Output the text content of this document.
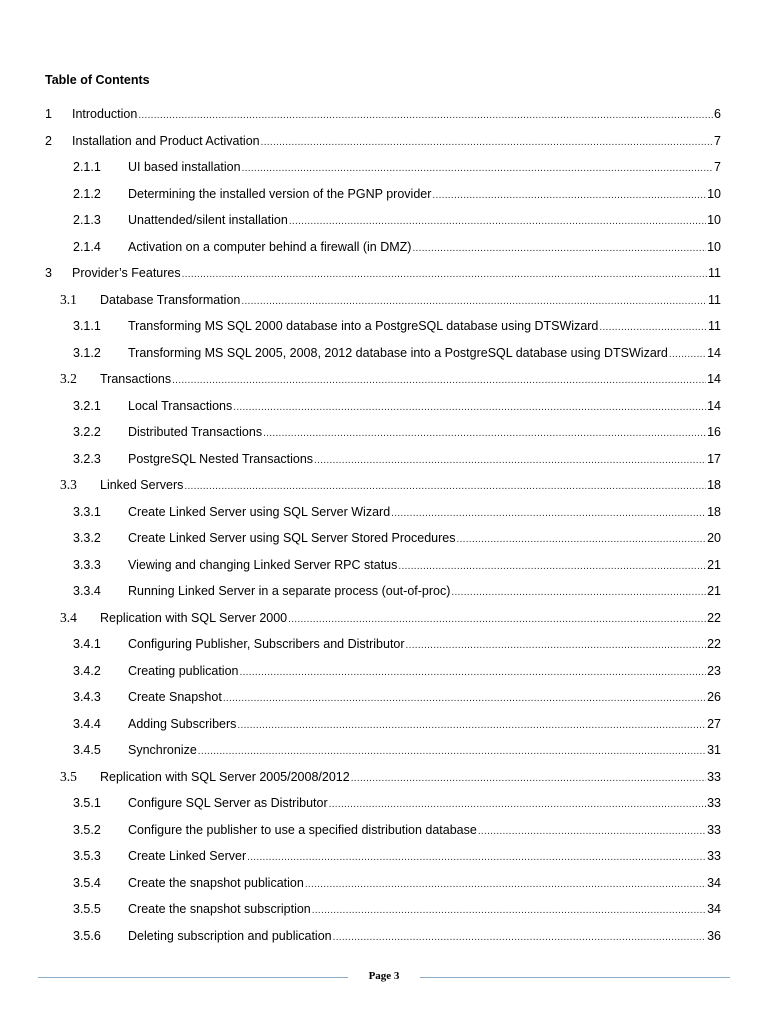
Table of Contents
1 Introduction .....	6
2 Installation and Product Activation .....	7
2.1.1 UI based installation .....	7
2.1.2 Determining the installed version of the PGNP provider .....	10
2.1.3 Unattended/silent installation .....	10
2.1.4 Activation on a computer behind a firewall (in DMZ) .....	10
3 Provider’s Features .....	11
3.1 Database Transformation .....	11
3.1.1 Transforming MS SQL 2000 database into a PostgreSQL database using DTSWizard .....	11
3.1.2 Transforming MS SQL 2005, 2008, 2012 database into a PostgreSQL database using DTSWizard .....	14
3.2 Transactions .....	14
3.2.1 Local Transactions .....	14
3.2.2 Distributed Transactions .....	16
3.2.3 PostgreSQL Nested Transactions .....	17
3.3 Linked Servers .....	18
3.3.1 Create Linked Server using SQL Server Wizard .....	18
3.3.2 Create Linked Server using SQL Server Stored Procedures .....	20
3.3.3 Viewing and changing Linked Server RPC status .....	21
3.3.4 Running Linked Server in a separate process (out-of-proc) .....	21
3.4 Replication with SQL Server 2000 .....	22
3.4.1 Configuring Publisher, Subscribers and Distributor .....	22
3.4.2 Creating publication .....	23
3.4.3 Create Snapshot .....	26
3.4.4 Adding Subscribers .....	27
3.4.5 Synchronize .....	31
3.5 Replication with SQL Server 2005/2008/2012 .....	33
3.5.1 Configure SQL Server as Distributor .....	33
3.5.2 Configure the publisher to use a specified distribution database .....	33
3.5.3 Create Linked Server .....	33
3.5.4 Create the snapshot publication .....	34
3.5.5 Create the snapshot subscription .....	34
3.5.6 Deleting subscription and publication .....	36
Page 3
